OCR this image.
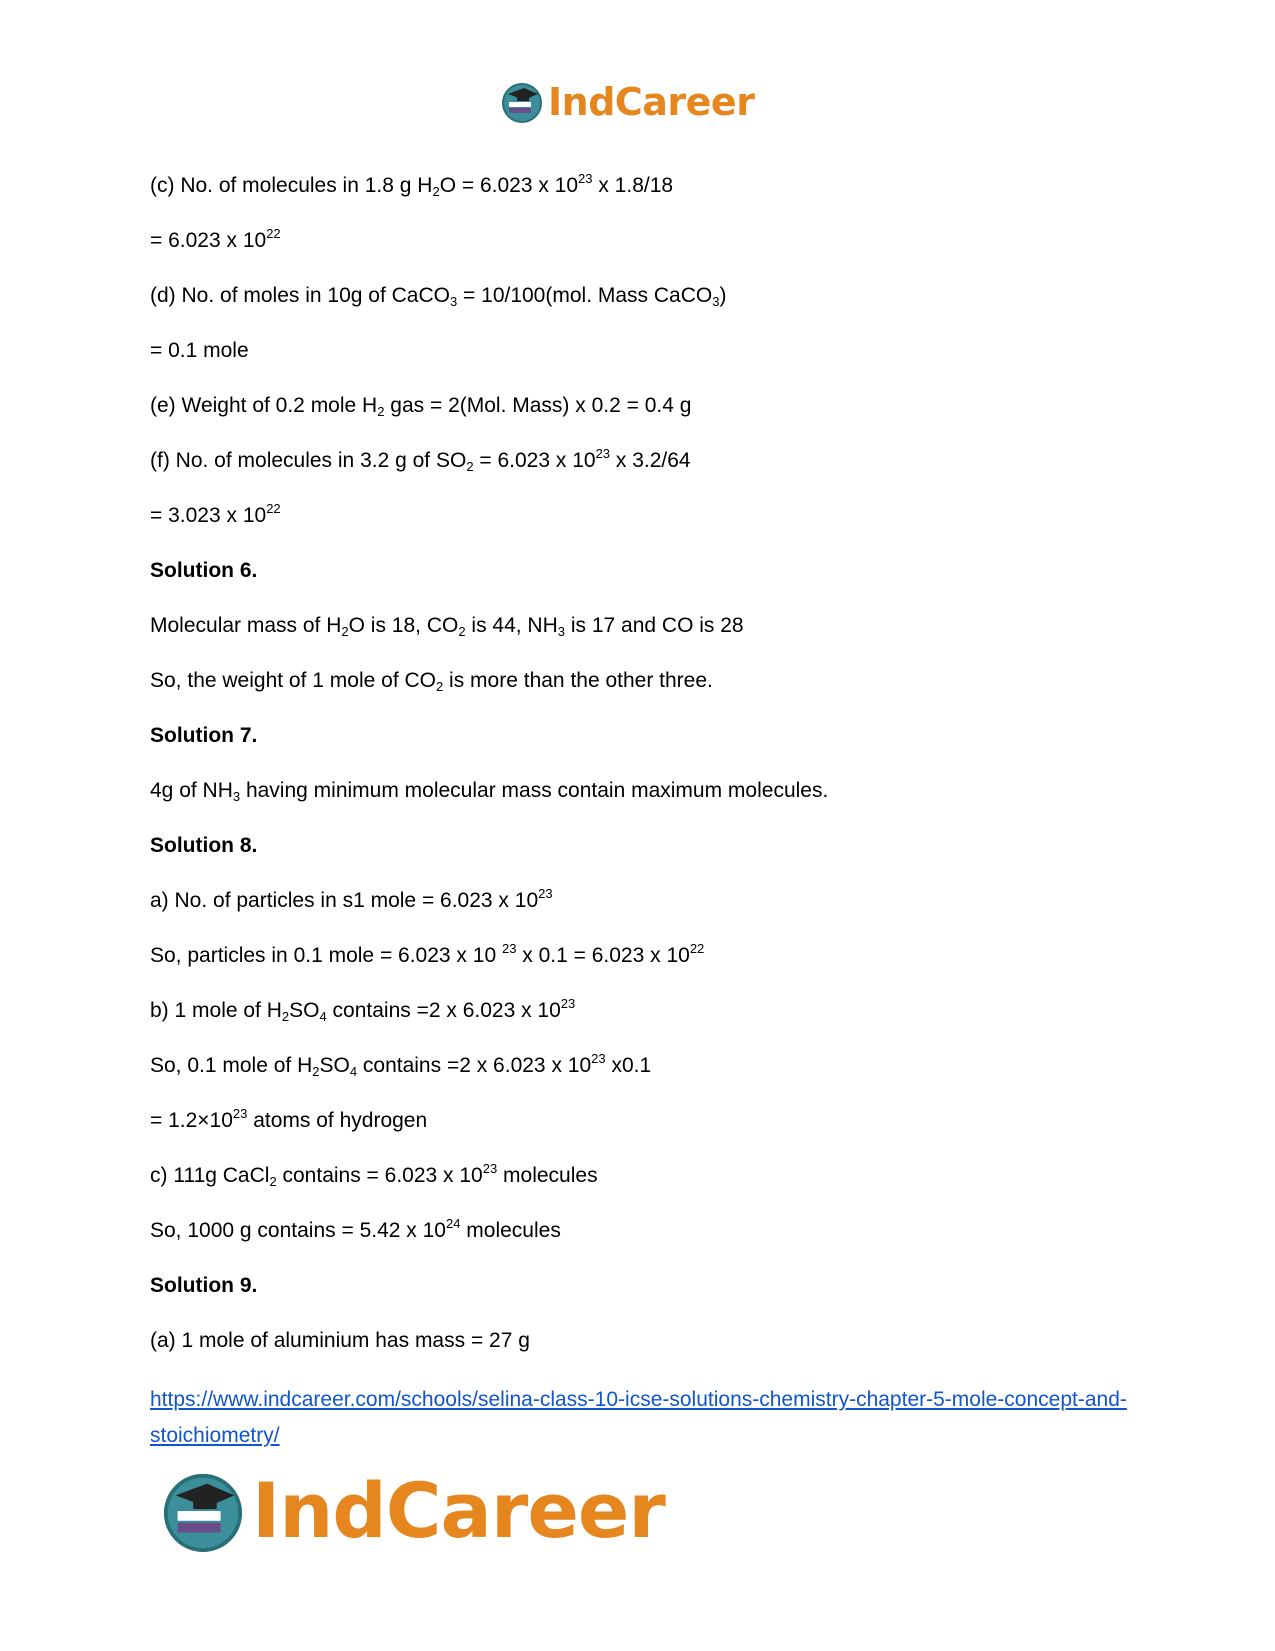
IndCareer
(c) No. of molecules in 1.8 g $H_2O = 6.023$ x $10^{23}$ x 1.8/18
= 6.023 x $10^{22}$
(d) No. of moles in 10g of CaCO$_3$ = 10/100(mol. Mass CaCO$_3$)
= 0.1 mole
(e) Weight of 0.2 mole $H_2$ gas = 2(Mol. Mass) x 0.2 = 0.4 g
(f) No. of molecules in 3.2 g of $SO_2 = 6.023$ x $10^{23}$ x 3.2/64
= 3.023 x $10^{22}$
Solution 6.
Molecular mass of $H_2O$ is 18, $CO_2$ is 44, $NH_3$ is 17 and CO is 28
So, the weight of 1 mole of $CO_2$ is more than the other three.
Solution 7.
4g of $NH_3$ having minimum molecular mass contain maximum molecules.
Solution 8.
a) No. of particles in s1 mole = 6.023 x $10^{23}$
So, particles in 0.1 mole = 6.023 x 10 $^{23}$ x 0.1 = 6.023 x $10^{22}$
b) 1 mole of $H_2SO_4$ contains =2 x 6.023 x $10^{23}$
So, 0.1 mole of $H_2SO_4$ contains =2 x 6.023 x $10^{23}$ x0.1
= $1.2\times 10^{23}$ atoms of hydrogen
c) 111g CaCl$_2$ contains = 6.023 x $10^{23}$ molecules
So, 1000 g contains = 5.42 x $10^{24}$ molecules
Solution 9.
(a) 1 mole of aluminium has mass = 27 g
https://www.indcareer.com/schools/selina-class-10-icse-solutions-chemistry-chapter-5-mole-concept-and-stoichiometry/
IndCareer
